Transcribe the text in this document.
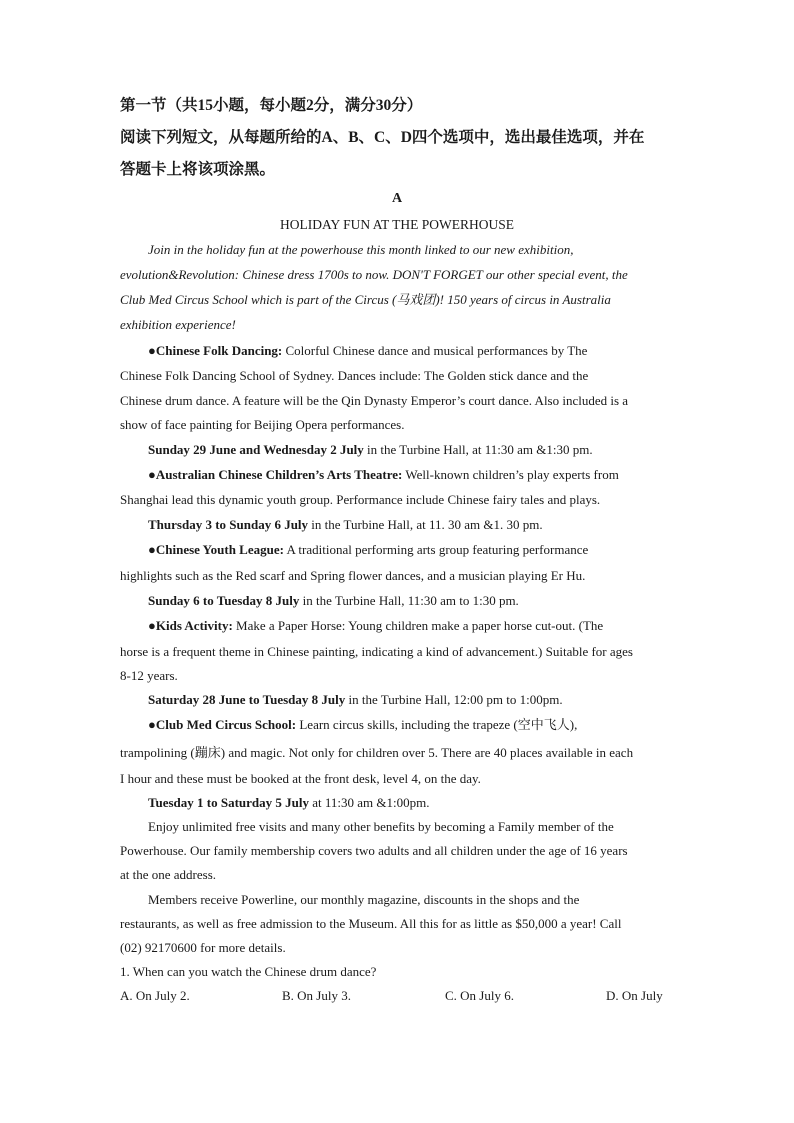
第一节（共15小题，每小题2分，满分30分）
阅读下列短文，从每题所给的A、B、C、D四个选项中，选出最佳选项，并在
答题卡上将该项涂黑。
A
HOLIDAY FUN AT THE POWERHOUSE
Join in the holiday fun at the powerhouse this month linked to our new exhibition,
evolution&Revolution: Chinese dress 1700s to now. DON'T FORGET our other special event, the
Club Med Circus School which is part of the Circus (马戏团)! 150 years of circus in Australia
exhibition experience!
●Chinese Folk Dancing: Colorful Chinese dance and musical performances by The
Chinese Folk Dancing School of Sydney. Dances include: The Golden stick dance and the
Chinese drum dance. A feature will be the Qin Dynasty Emperor’s court dance. Also included is a
show of face painting for Beijing Opera performances.
Sunday 29 June and Wednesday 2 July in the Turbine Hall, at 11:30 am &1:30 pm.
●Australian Chinese Children’s Arts Theatre: Well-known children’s play experts from
Shanghai lead this dynamic youth group. Performance include Chinese fairy tales and plays.
Thursday 3 to Sunday 6 July in the Turbine Hall, at 11. 30 am &1. 30 pm.
●Chinese Youth League: A traditional performing arts group featuring performance
highlights such as the Red scarf and Spring flower dances, and a musician playing Er Hu.
Sunday 6 to Tuesday 8 July in the Turbine Hall, 11:30 am to 1:30 pm.
●Kids Activity: Make a Paper Horse: Young children make a paper horse cut-out. (The
horse is a frequent theme in Chinese painting, indicating a kind of advancement.) Suitable for ages
8-12 years.
Saturday 28 June to Tuesday 8 July in the Turbine Hall, 12:00 pm to 1:00pm.
●Club Med Circus School: Learn circus skills, including the trapeze (空中飞人),
trampolining (蹦床) and magic. Not only for children over 5. There are 40 places available in each
I hour and these must be booked at the front desk, level 4, on the day.
Tuesday 1 to Saturday 5 July at 11:30 am &1:00pm.
Enjoy unlimited free visits and many other benefits by becoming a Family member of the
Powerhouse. Our family membership covers two adults and all children under the age of 16 years
at the one address.
Members receive Powerline, our monthly magazine, discounts in the shops and the
restaurants, as well as free admission to the Museum. All this for as little as $50,000 a year! Call
(02) 92170600 for more details.
1. When can you watch the Chinese drum dance?
A. On July 2.	B. On July 3.	C. On July 6.	D. On July
